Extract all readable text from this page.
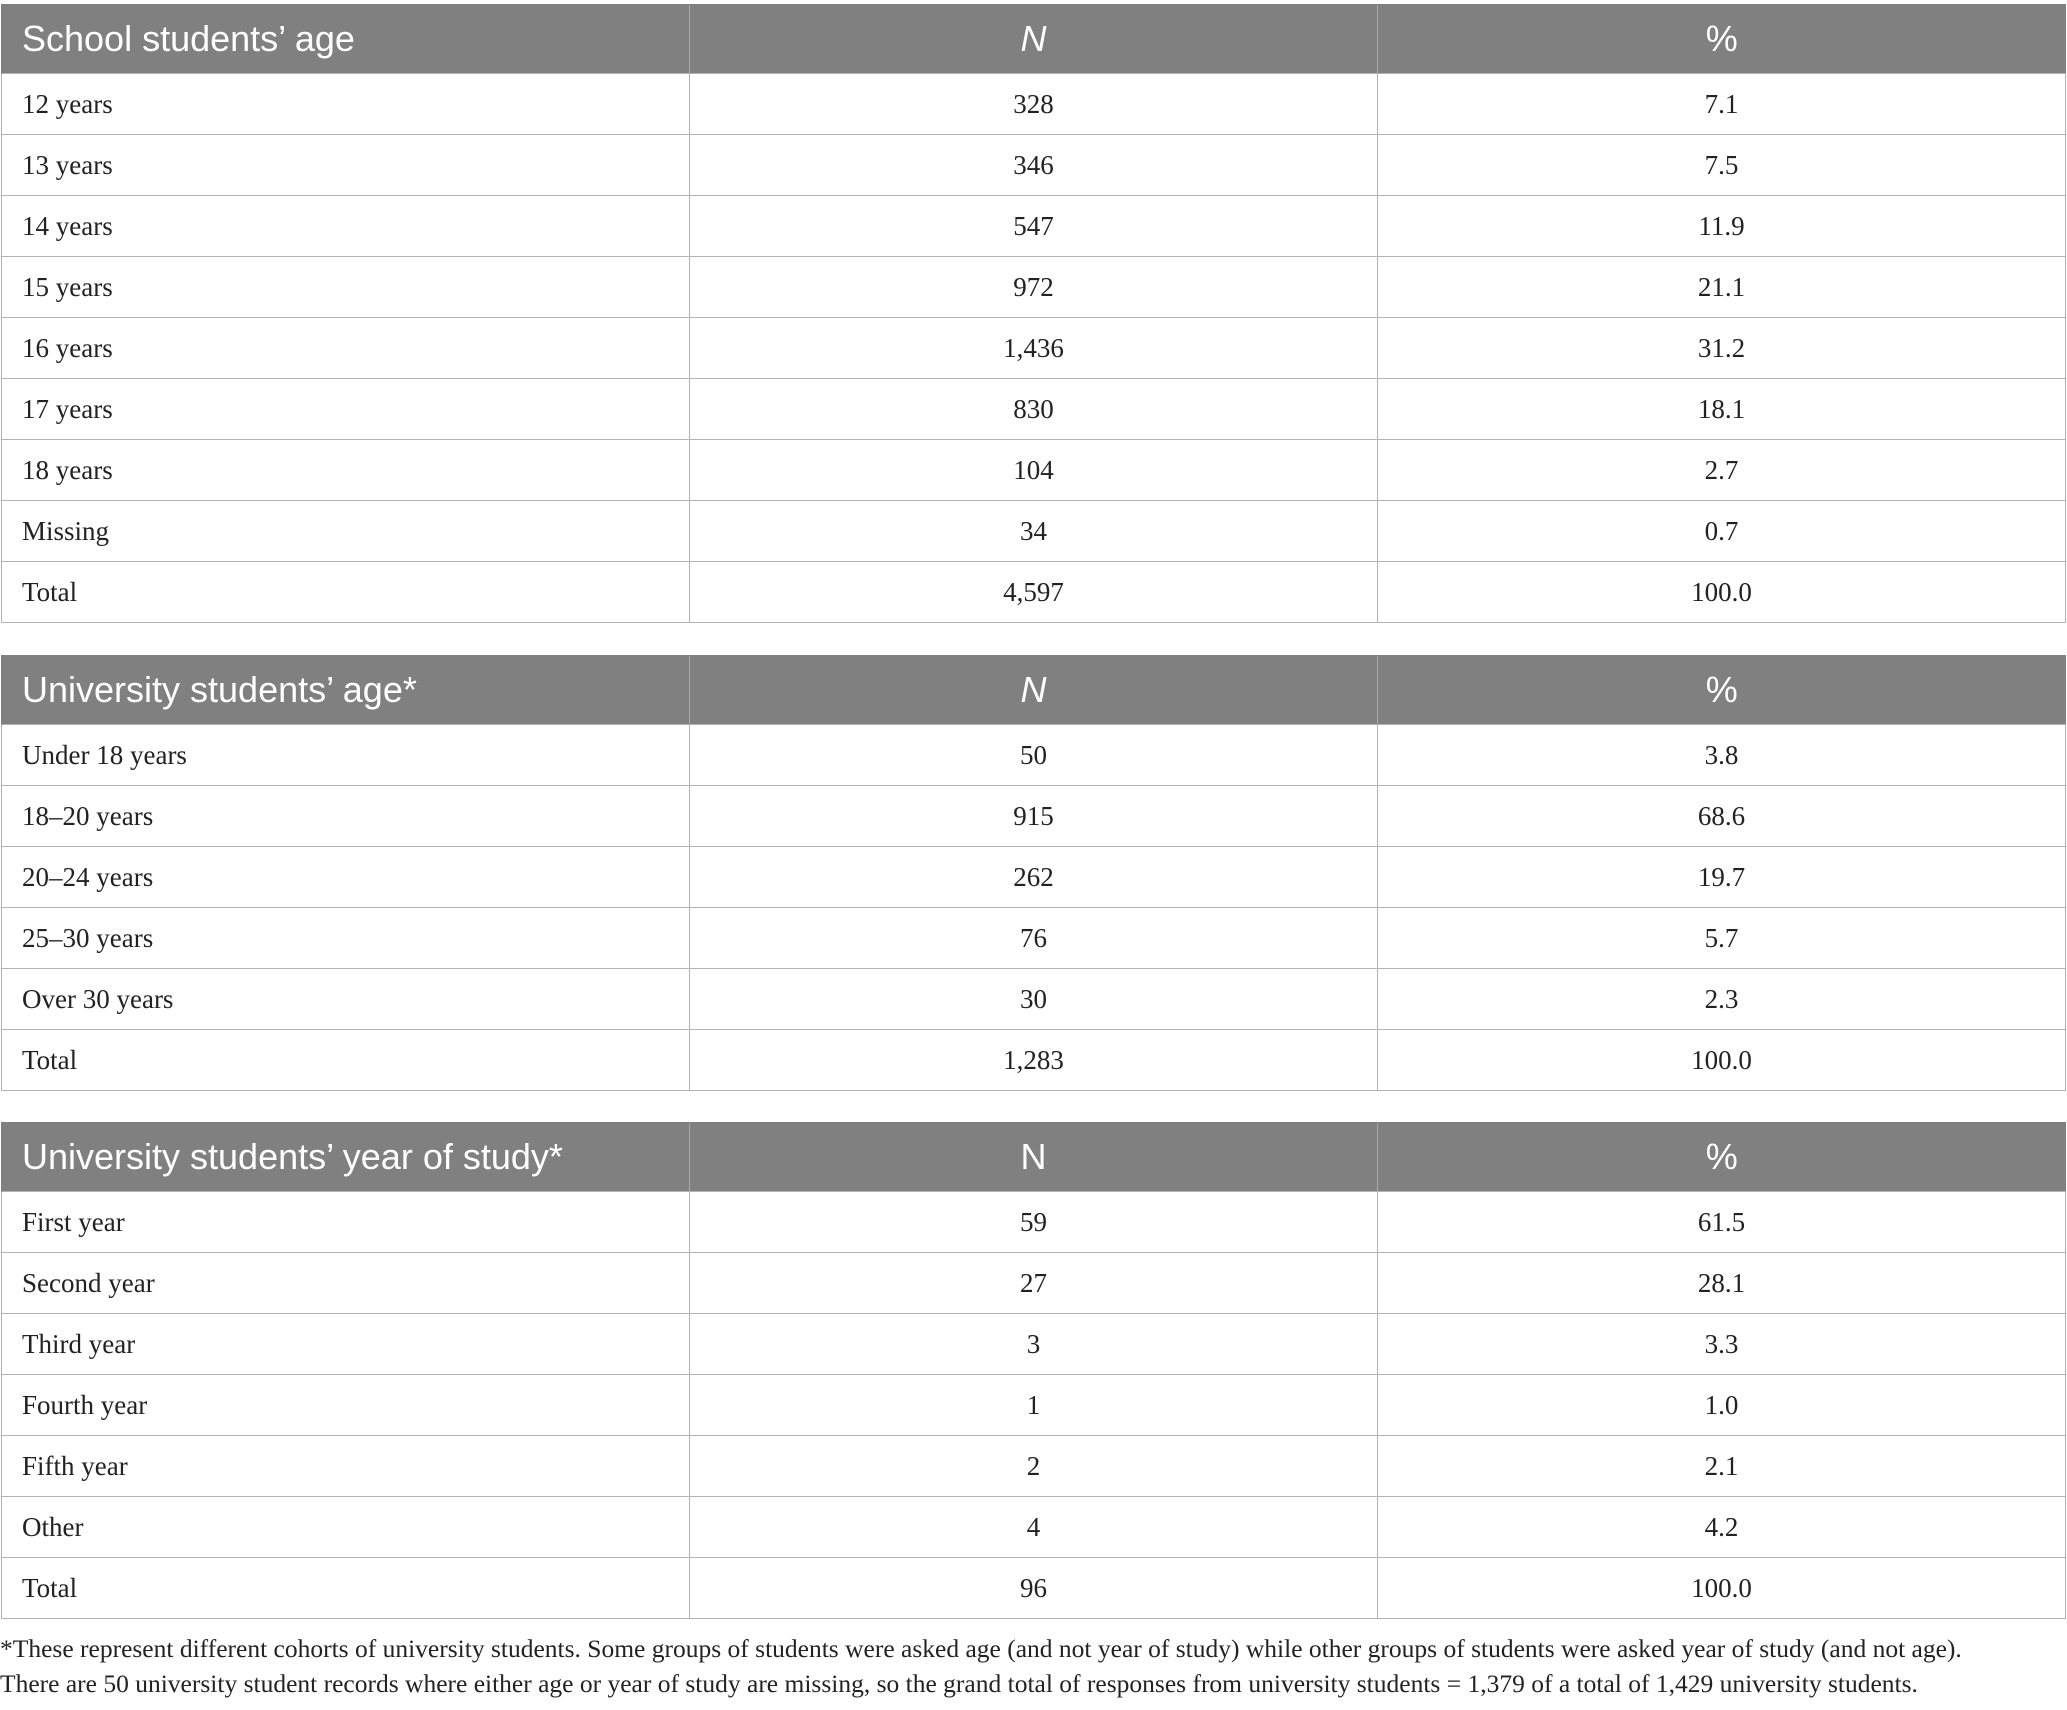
School students’ age	N	%
12 years	328	7.1
13 years	346	7.5
14 years	547	11.9
15 years	972	21.1
16 years	1,436	31.2
17 years	830	18.1
18 years	104	2.7
Missing	34	0.7
Total	4,597	100.0
University students’ age*	N	%
Under 18 years	50	3.8
18–20 years	915	68.6
20–24 years	262	19.7
25–30 years	76	5.7
Over 30 years	30	2.3
Total	1,283	100.0
University students’ year of study*	N	%
First year	59	61.5
Second year	27	28.1
Third year	3	3.3
Fourth year	1	1.0
Fifth year	2	2.1
Other	4	4.2
Total	96	100.0
*These represent different cohorts of university students. Some groups of students were asked age (and not year of study) while other groups of students were asked year of study (and not age).
There are 50 university student records where either age or year of study are missing, so the grand total of responses from university students = 1,379 of a total of 1,429 university students.
